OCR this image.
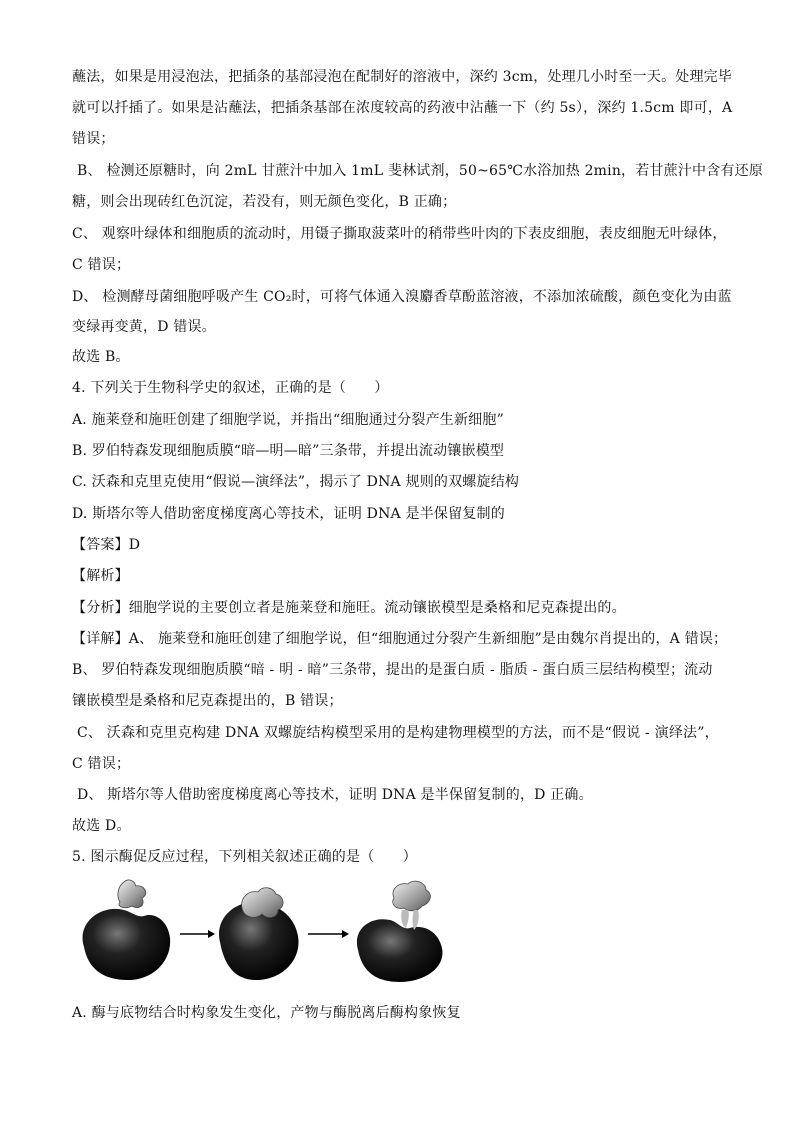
蘸法，如果是用浸泡法，把插条的基部浸泡在配制好的溶液中，深约 3cm，处理几小时至一天。处理完毕
就可以扦插了。如果是沾蘸法，把插条基部在浓度较高的药液中沾蘸一下（约 5s），深约 1.5cm 即可，A
错误；
B、 检测还原糖时，向 2mL 甘蔗汁中加入 1mL 斐林试剂，50~65℃水浴加热 2min，若甘蔗汁中含有还原
糖，则会出现砖红色沉淀，若没有，则无颜色变化，B 正确；
C、 观察叶绿体和细胞质的流动时，用镊子撕取菠菜叶的稍带些叶肉的下表皮细胞，表皮细胞无叶绿体，
C 错误；
D、 检测酵母菌细胞呼吸产生 CO₂时，可将气体通入溴麝香草酚蓝溶液，不添加浓硫酸，颜色变化为由蓝
变绿再变黄，D 错误。
故选 B。
4. 下列关于生物科学史的叙述，正确的是（　　）
A. 施莱登和施旺创建了细胞学说，并指出“细胞通过分裂产生新细胞”
B. 罗伯特森发现细胞质膜“暗—明—暗”三条带，并提出流动镶嵌模型
C. 沃森和克里克使用“假说—演绎法”，揭示了 DNA 规则的双螺旋结构
D. 斯塔尔等人借助密度梯度离心等技术，证明 DNA 是半保留复制的
【答案】D
【解析】
【分析】细胞学说的主要创立者是施莱登和施旺。流动镶嵌模型是桑格和尼克森提出的。
【详解】A、 施莱登和施旺创建了细胞学说，但“细胞通过分裂产生新细胞”是由魏尔肖提出的，A 错误；
B、 罗伯特森发现细胞质膜“暗 - 明 - 暗”三条带，提出的是蛋白质 - 脂质 - 蛋白质三层结构模型；流动
镶嵌模型是桑格和尼克森提出的，B 错误；
C、 沃森和克里克构建 DNA 双螺旋结构模型采用的是构建物理模型的方法，而不是“假说 - 演绎法”，
C 错误；
D、 斯塔尔等人借助密度梯度离心等技术，证明 DNA 是半保留复制的，D 正确。
故选 D。
5. 图示酶促反应过程，下列相关叙述正确的是（　　）
A. 酶与底物结合时构象发生变化，产物与酶脱离后酶构象恢复
